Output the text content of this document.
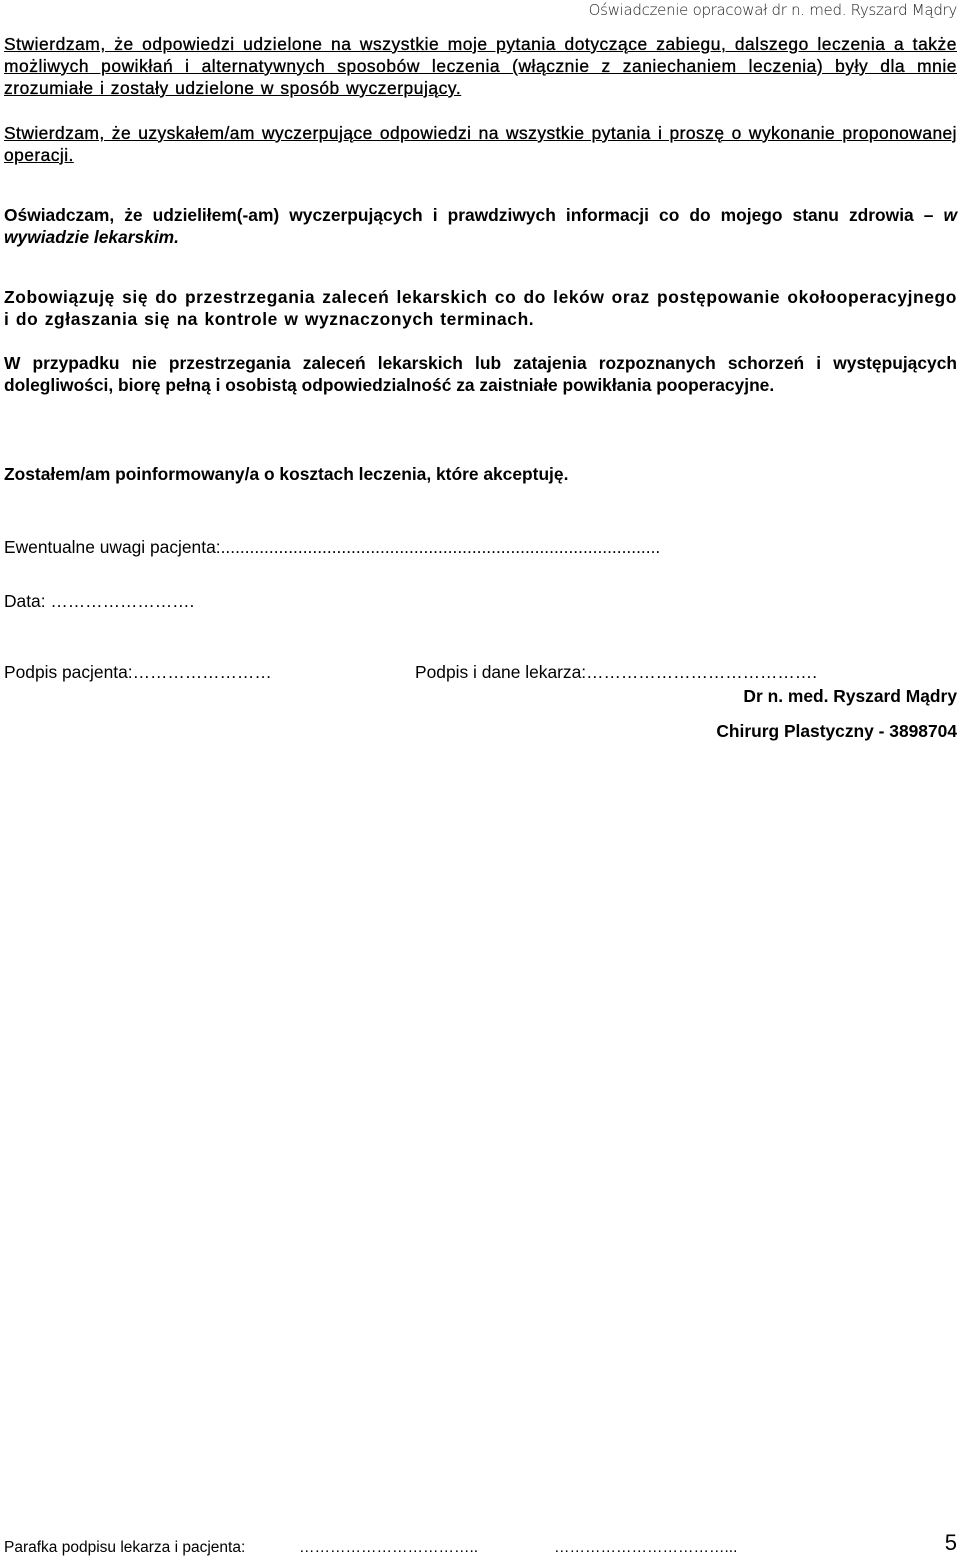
Oświadczenie opracował dr n. med. Ryszard Mądry

Stwierdzam, że odpowiedzi udzielone na wszystkie moje pytania dotyczące zabiegu, dalszego leczenia a także możliwych powikłań i alternatywnych sposobów leczenia (włącznie z zaniechaniem leczenia) były dla mnie zrozumiałe i zostały udzielone w sposób wyczerpujący.

Stwierdzam, że uzyskałem/am wyczerpujące odpowiedzi na wszystkie pytania i proszę o wykonanie proponowanej operacji.

Oświadczam, że udzieliłem(-am) wyczerpujących i prawdziwych informacji co do mojego stanu zdrowia – w wywiadzie lekarskim.

Zobowiązuję się do przestrzegania zaleceń lekarskich co do leków oraz postępowanie okołooperacyjnego i do zgłaszania się na kontrole w wyznaczonych terminach.

W przypadku nie przestrzegania zaleceń lekarskich lub zatajenia rozpoznanych schorzeń i występujących dolegliwości, biorę pełną i osobistą odpowiedzialność za zaistniałe powikłania pooperacyjne.

Zostałem/am poinformowany/a o kosztach leczenia, które akceptuję.

Ewentualne uwagi pacjenta:...........................................................................................

Data: …………………….

Podpis pacjenta:……………………	Podpis i dane lekarza:………………………………….
Dr n. med. Ryszard Mądry
Chirurg Plastyczny - 3898704
Parafka podpisu lekarza i pacjenta:	……………………………..	……………………………...	5
